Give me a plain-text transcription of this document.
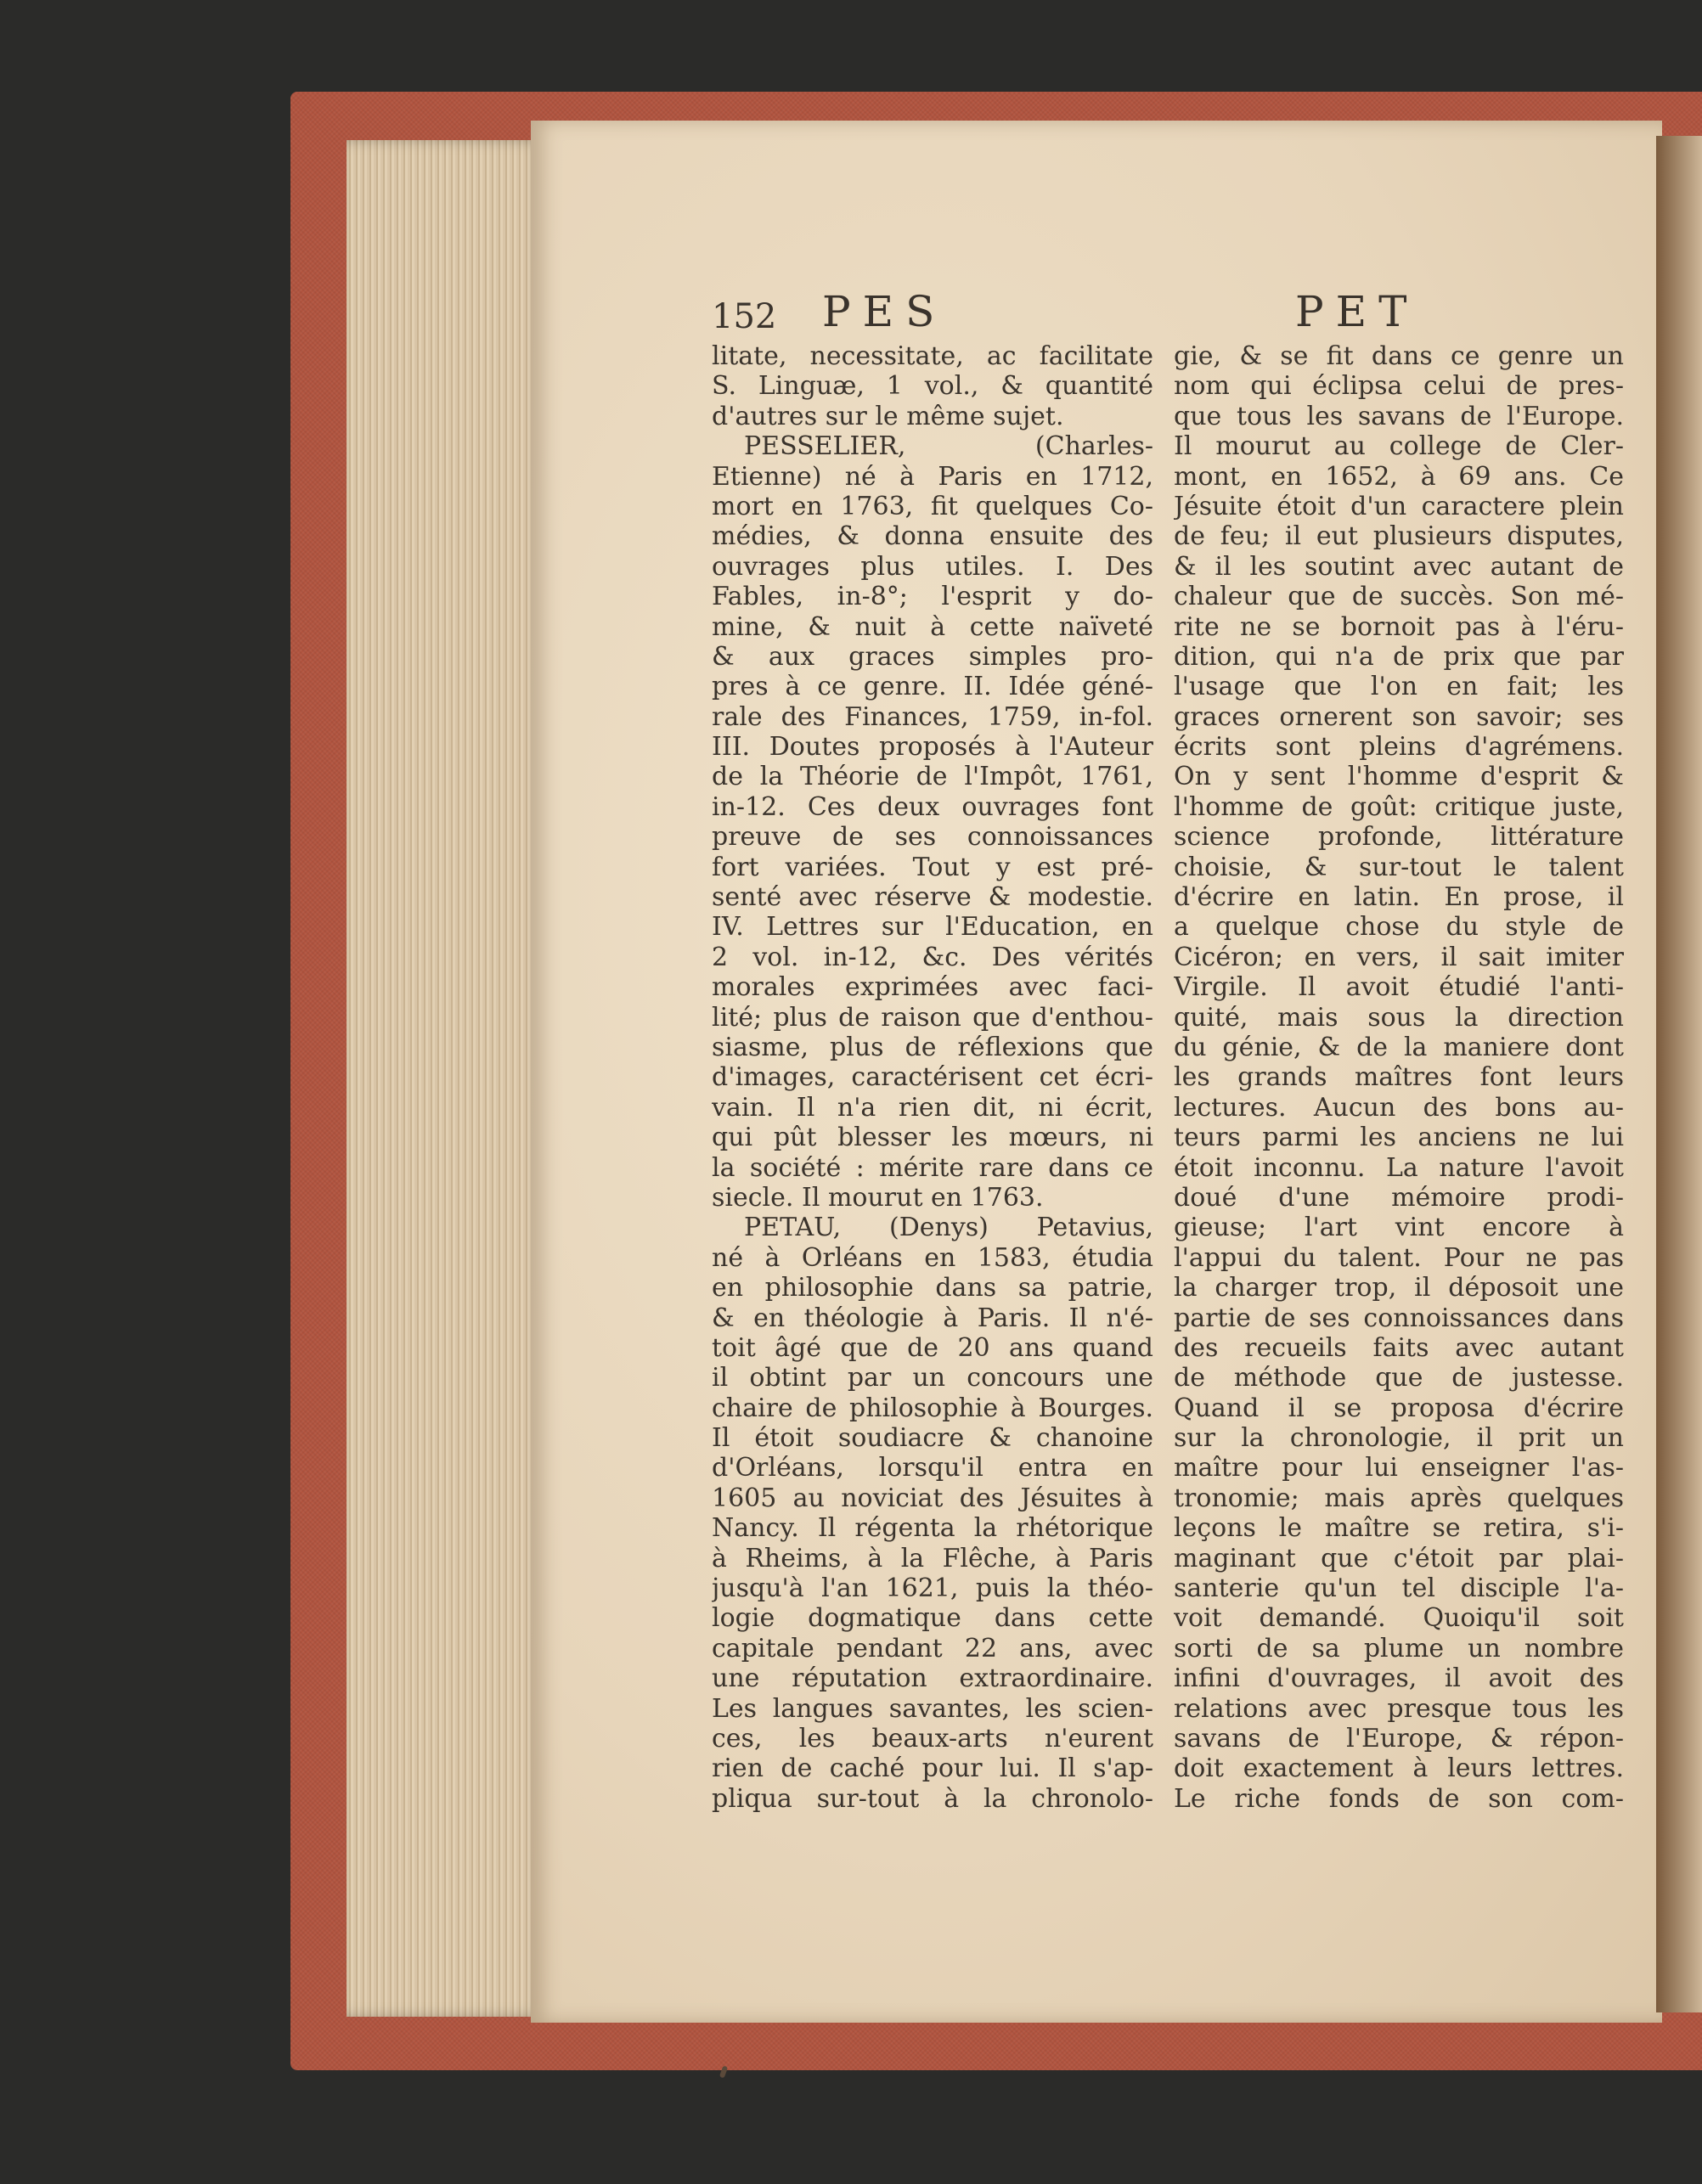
152 PES	PET
litate, necessitate, ac facilitate
S. Linguæ, 1 vol., & quantité
d'autres sur le même sujet.
PESSELIER, (Charles-
Etienne) né à Paris en 1712,
mort en 1763, fit quelques Co-
médies, & donna ensuite des
ouvrages plus utiles. I. Des
Fables, in-8°; l'esprit y do-
mine, & nuit à cette naïveté
& aux graces simples pro-
pres à ce genre. II. Idée géné-
rale des Finances, 1759, in-fol.
III. Doutes proposés à l'Auteur
de la Théorie de l'Impôt, 1761,
in-12. Ces deux ouvrages font
preuve de ses connoissances
fort variées. Tout y est pré-
senté avec réserve & modestie.
IV. Lettres sur l'Education, en
2 vol. in-12, &c. Des vérités
morales exprimées avec faci-
lité; plus de raison que d'enthou-
siasme, plus de réflexions que
d'images, caractérisent cet écri-
vain. Il n'a rien dit, ni écrit,
qui pût blesser les mœurs, ni
la société : mérite rare dans ce
siecle. Il mourut en 1763.
PETAU, (Denys) Petavius,
né à Orléans en 1583, étudia
en philosophie dans sa patrie,
& en théologie à Paris. Il n'é-
toit âgé que de 20 ans quand
il obtint par un concours une
chaire de philosophie à Bourges.
Il étoit soudiacre & chanoine
d'Orléans, lorsqu'il entra en
1605 au noviciat des Jésuites à
Nancy. Il régenta la rhétorique
à Rheims, à la Flêche, à Paris
jusqu'à l'an 1621, puis la théo-
logie dogmatique dans cette
capitale pendant 22 ans, avec
une réputation extraordinaire.
Les langues savantes, les scien-
ces, les beaux-arts n'eurent
rien de caché pour lui. Il s'ap-
pliqua sur-tout à la chronolo-
gie, & se fit dans ce genre un
nom qui éclipsa celui de pres-
que tous les savans de l'Europe.
Il mourut au college de Cler-
mont, en 1652, à 69 ans. Ce
Jésuite étoit d'un caractere plein
de feu; il eut plusieurs disputes,
& il les soutint avec autant de
chaleur que de succès. Son mé-
rite ne se bornoit pas à l'éru-
dition, qui n'a de prix que par
l'usage que l'on en fait; les
graces ornerent son savoir; ses
écrits sont pleins d'agrémens.
On y sent l'homme d'esprit &
l'homme de goût: critique juste,
science profonde, littérature
choisie, & sur-tout le talent
d'écrire en latin. En prose, il
a quelque chose du style de
Cicéron; en vers, il sait imiter
Virgile. Il avoit étudié l'anti-
quité, mais sous la direction
du génie, & de la maniere dont
les grands maîtres font leurs
lectures. Aucun des bons au-
teurs parmi les anciens ne lui
étoit inconnu. La nature l'avoit
doué d'une mémoire prodi-
gieuse; l'art vint encore à
l'appui du talent. Pour ne pas
la charger trop, il déposoit une
partie de ses connoissances dans
des recueils faits avec autant
de méthode que de justesse.
Quand il se proposa d'écrire
sur la chronologie, il prit un
maître pour lui enseigner l'as-
tronomie; mais après quelques
leçons le maître se retira, s'i-
maginant que c'étoit par plai-
santerie qu'un tel disciple l'a-
voit demandé. Quoiqu'il soit
sorti de sa plume un nombre
infini d'ouvrages, il avoit des
relations avec presque tous les
savans de l'Europe, & répon-
doit exactement à leurs lettres.
Le riche fonds de son com-
